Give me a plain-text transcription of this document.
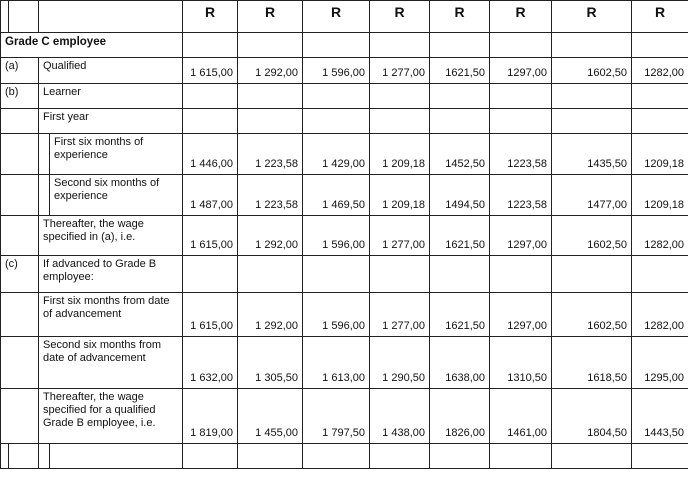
				R	R	R	R	R	R	R	R
Grade C employee											
(a)		Qualified		1 615,00	1 292,00	1 596,00	1 277,00	1621,50	1297,00	1602,50	1282,00
(b)		Learner									
		First year									
			First six months of experience	1 446,00	1 223,58	1 429,00	1 209,18	1452,50	1223,58	1435,50	1209,18
			Second six months of experience	1 487,00	1 223,58	1 469,50	1 209,18	1494,50	1223,58	1477,00	1209,18
		Thereafter, the wage specified in (a), i.e.		1 615,00	1 292,00	1 596,00	1 277,00	1621,50	1297,00	1602,50	1282,00
(c)		If advanced to Grade B employee:									
		First six months from date of advancement		1 615,00	1 292,00	1 596,00	1 277,00	1621,50	1297,00	1602,50	1282,00
		Second six months from date of advancement		1 632,00	1 305,50	1 613,00	1 290,50	1638,00	1310,50	1618,50	1295,00
		Thereafter, the wage specified for a qualified Grade B employee, i.e.		1 819,00	1 455,00	1 797,50	1 438,00	1826,00	1461,00	1804,50	1443,50
